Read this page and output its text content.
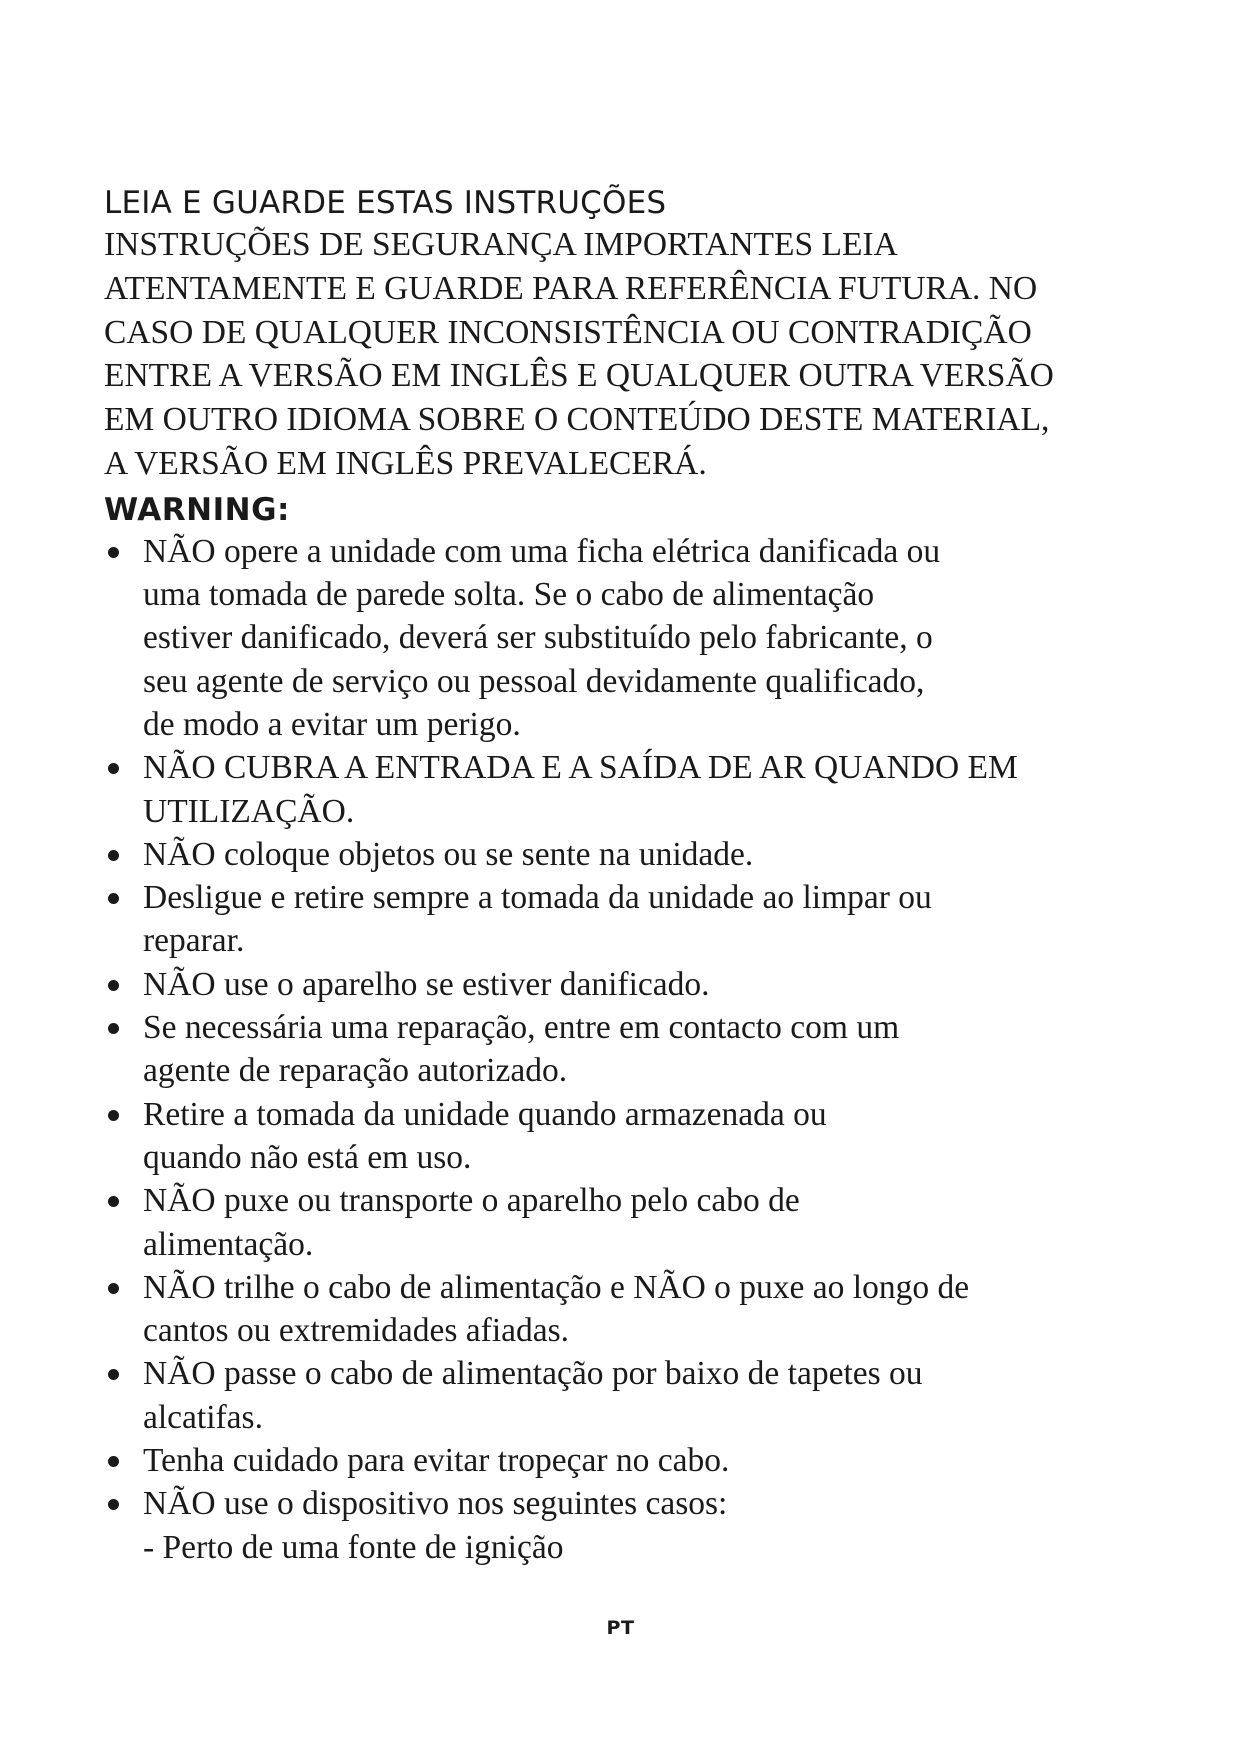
LEIA E GUARDE ESTAS INSTRUÇÕES

INSTRUÇÕES DE SEGURANÇA IMPORTANTES LEIA
ATENTAMENTE E GUARDE PARA REFERÊNCIA FUTURA. NO
CASO DE QUALQUER INCONSISTÊNCIA OU CONTRADIÇÃO
ENTRE A VERSÃO EM INGLÊS E QUALQUER OUTRA VERSÃO
EM OUTRO IDIOMA SOBRE O CONTEÚDO DESTE MATERIAL,
A VERSÃO EM INGLÊS PREVALECERÁ.

WARNING:
NÃO opere a unidade com uma ficha elétrica danificada ou
uma tomada de parede solta. Se o cabo de alimentação
estiver danificado, deverá ser substituído pelo fabricante, o
seu agente de serviço ou pessoal devidamente qualificado,
de modo a evitar um perigo.
NÃO CUBRA A ENTRADA E A SAÍDA DE AR QUANDO EM
UTILIZAÇÃO.
NÃO coloque objetos ou se sente na unidade.
Desligue e retire sempre a tomada da unidade ao limpar ou
reparar.
NÃO use o aparelho se estiver danificado.
Se necessária uma reparação, entre em contacto com um
agente de reparação autorizado.
Retire a tomada da unidade quando armazenada ou
quando não está em uso.
NÃO puxe ou transporte o aparelho pelo cabo de
alimentação.
NÃO trilhe o cabo de alimentação e NÃO o puxe ao longo de
cantos ou extremidades afiadas.
NÃO passe o cabo de alimentação por baixo de tapetes ou
alcatifas.
Tenha cuidado para evitar tropeçar no cabo.
NÃO use o dispositivo nos seguintes casos:
- Perto de uma fonte de ignição
PT
